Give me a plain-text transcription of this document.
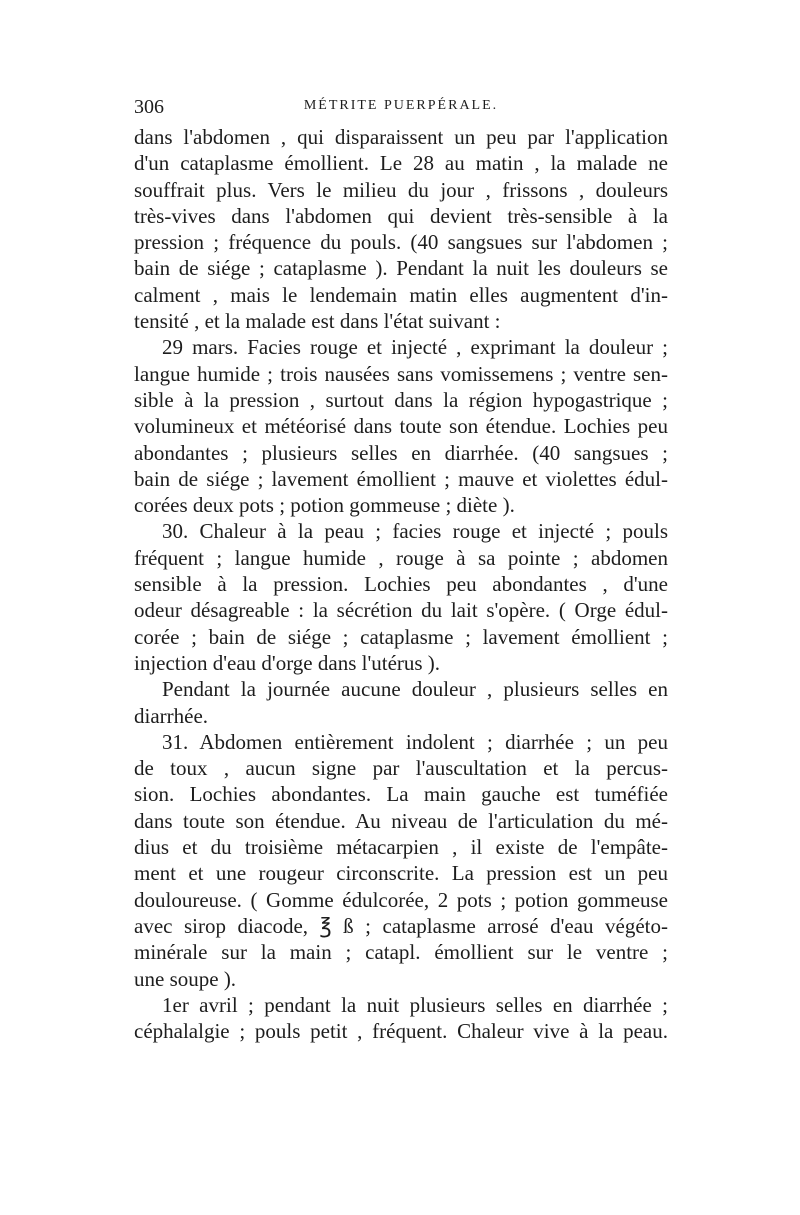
306	MÉTRITE PUERPÉRALE.
dans l'abdomen , qui disparaissent un peu par l'application
d'un cataplasme émollient. Le 28 au matin , la malade ne
souffrait plus. Vers le milieu du jour , frissons , douleurs
très-vives dans l'abdomen qui devient très-sensible à la
pression ; fréquence du pouls. (40 sangsues sur l'abdomen ;
bain de siége ; cataplasme ). Pendant la nuit les douleurs se
calment , mais le lendemain matin elles augmentent d'in-
tensité , et la malade est dans l'état suivant :
29 mars. Facies rouge et injecté , exprimant la douleur ;
langue humide ; trois nausées sans vomissemens ; ventre sen-
sible à la pression , surtout dans la région hypogastrique ;
volumineux et météorisé dans toute son étendue. Lochies peu
abondantes ; plusieurs selles en diarrhée. (40 sangsues ;
bain de siége ; lavement émollient ; mauve et violettes édul-
corées deux pots ; potion gommeuse ; diète ).
30. Chaleur à la peau ; facies rouge et injecté ; pouls
fréquent ; langue humide , rouge à sa pointe ; abdomen
sensible à la pression. Lochies peu abondantes , d'une
odeur désagreable : la sécrétion du lait s'opère. ( Orge édul-
corée ; bain de siége ; cataplasme ; lavement émollient ;
injection d'eau d'orge dans l'utérus ).
Pendant la journée aucune douleur , plusieurs selles en
diarrhée.
31. Abdomen entièrement indolent ; diarrhée ; un peu
de toux , aucun signe par l'auscultation et la percus-
sion. Lochies abondantes. La main gauche est tuméfiée
dans toute son étendue. Au niveau de l'articulation du mé-
dius et du troisième métacarpien , il existe de l'empâte-
ment et une rougeur circonscrite. La pression est un peu
douloureuse. ( Gomme édulcorée, 2 pots ; potion gommeuse
avec sirop diacode, ℥ ß ; cataplasme arrosé d'eau végéto-
minérale sur la main ; catapl. émollient sur le ventre ;
une soupe ).
1er avril ; pendant la nuit plusieurs selles en diarrhée ;
céphalalgie ; pouls petit , fréquent. Chaleur vive à la peau.
